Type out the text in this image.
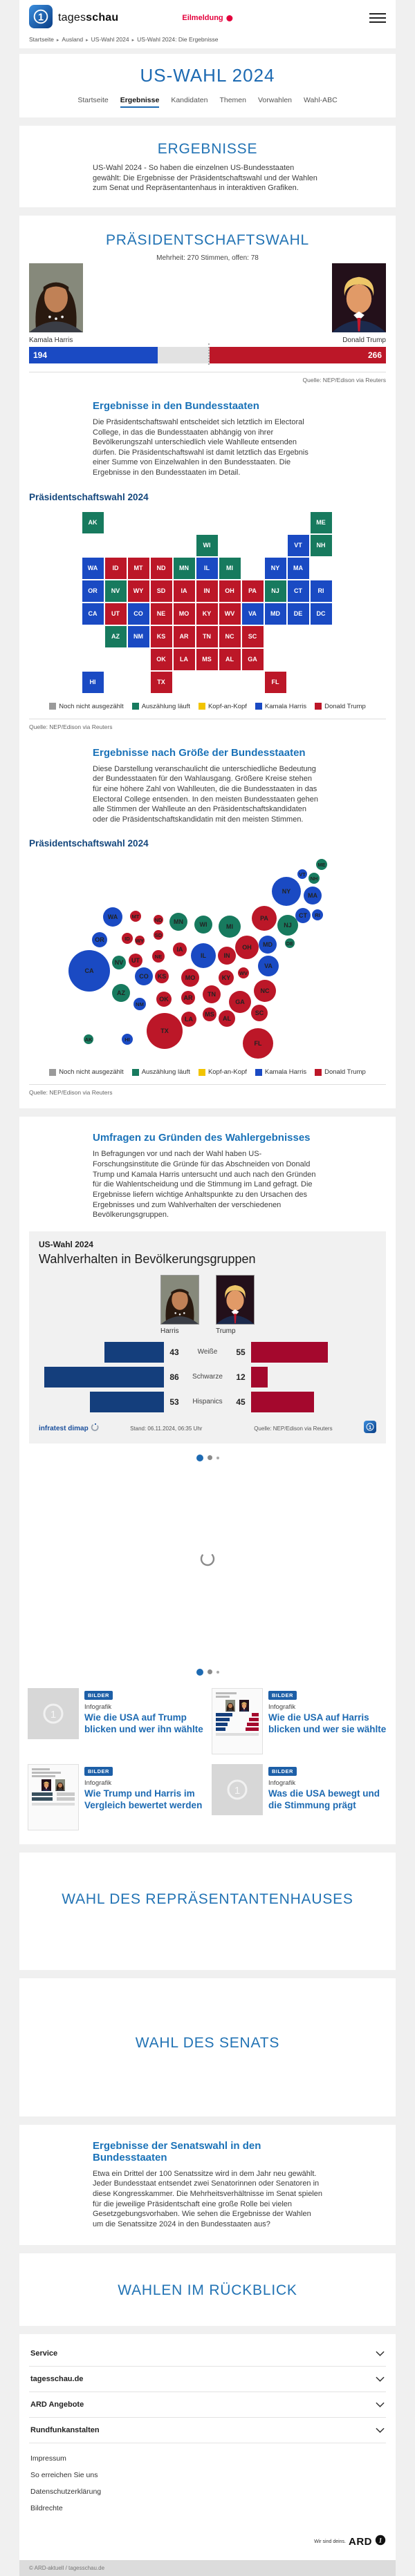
1 tagesschau	Eilmeldung
Startseite ▸ Ausland ▸ US-Wahl 2024 ▸ US-Wahl 2024: Die Ergebnisse
US-WAHL 2024
Startseite Ergebnisse Kandidaten Themen Vorwahlen Wahl-ABC
ERGEBNISSE

US-Wahl 2024 - So haben die einzelnen US-Bundesstaaten gewählt: Die Ergebnisse der Präsidentschaftswahl und der Wahlen zum Senat und Repräsentantenhaus in interaktiven Grafiken.

PRÄSIDENTSCHAFTSWAHL
Mehrheit: 270 Stimmen, offen: 78
Kamala Harris	Donald Trump
194	266
Quelle: NEP/Edison via Reuters
Ergebnisse in den Bundesstaaten

Die Präsidentschaftswahl entscheidet sich letztlich im Electoral College, in das die Bundesstaaten abhängig von ihrer Bevölkerungszahl unterschiedlich viele Wahlleute entsenden dürfen. Die Präsidentschaftswahl ist damit letztlich das Ergebnis einer Summe von Einzelwahlen in den Bundesstaaten. Die Ergebnisse in den Bundesstaaten im Detail.

Präsidentschaftswahl 2024
AK	ME
WI	VT	NH
WA	ID	MT	ND	MN	IL	MI	NY	MA
OR	NV	WY	SD	IA	IN	OH	PA	NJ	CT	RI
CA	UT	CO	NE	MO	KY	WV	VA	MD	DE	DC
AZ	NM	KS	AR	TN	NC	SC
OK	LA	MS	AL	GA
HI	TX	FL
Noch nicht ausgezählt	Auszählung läuft	Kopf-an-Kopf	Kamala Harris	Donald Trump
Quelle: NEP/Edison via Reuters
Ergebnisse nach Größe der Bundesstaaten

Diese Darstellung veranschaulicht die unterschiedliche Bedeutung der Bundesstaaten für den Wahlausgang. Größere Kreise stehen für eine höhere Zahl von Wahlleuten, die die Bundesstaaten in das Electoral College entsenden. In den meisten Bundesstaaten gehen alle Stimmen der Wahlleute an den Präsidentschaftskandidaten oder die Präsidentschaftskandidatin mit den meisten Stimmen.

Präsidentschaftswahl 2024
ME
VT
NH
NY
MA
WA	MT
ND	MN	WI	MI
PA
NJ
CT	RI
OR	ID	WY
SD
IA
IL	IN
OH	MD	DE
CA
NV	UT
NE
CO	KS	MO	KY
WV
VA
NC
AZ
NM
OK	AR	TN
GA
SC
MS
AL
LA
TX
FL
AK	HI
Noch nicht ausgezählt	Auszählung läuft	Kopf-an-Kopf	Kamala Harris	Donald Trump
Quelle: NEP/Edison via Reuters
Umfragen zu Gründen des Wahlergebnisses

In Befragungen vor und nach der Wahl haben US-Forschungsinstitute die Gründe für das Abschneiden von Donald Trump und Kamala Harris untersucht und auch nach den Gründen für die Wahlentscheidung und die Stimmung im Land gefragt. Die Ergebnisse liefern wichtige Anhaltspunkte zu den Ursachen des Ergebnisses und zum Wahlverhalten der verschiedenen Bevölkerungsgruppen.

US-Wahl 2024
Wahlverhalten in Bevölkerungsgruppen
Harris	Trump
43	Weiße	55
86	Schwarze	12
53	Hispanics	45
infratest dimap	Stand: 06.11.2024, 06:35 Uhr	Quelle: NEP/Edison via Reuters	1
1
BILDER
Infografik
Wie die USA auf Trump blicken und wer ihn wählte
BILDER
Infografik
Wie die USA auf Harris blicken und wer sie wählte
BILDER
Infografik
Wie Trump und Harris im Vergleich bewertet werden
1
BILDER
Infografik
Was die USA bewegt und die Stimmung prägt
WAHL DES REPRÄSENTANTENHAUSES
WAHL DES SENATS
Ergebnisse der Senatswahl in den Bundesstaaten

Etwa ein Drittel der 100 Senatssitze wird in dem Jahr neu gewählt. Jeder Bundesstaat entsendet zwei Senatorinnen oder Senatoren in diese Kongresskammer. Die Mehrheitsverhältnisse im Senat spielen für die jeweilige Präsidentschaft eine große Rolle bei vielen Gesetzgebungsvorhaben. Wie sehen die Ergebnisse der Wahlen um die Senatssitze 2024 in den Bundesstaaten aus?

WAHLEN IM RÜCKBLICK
Service
tagesschau.de
ARD Angebote
Rundfunkanstalten
Impressum
So erreichen Sie uns
Datenschutzerklärung
Bildrechte
Wir sind deins. ARD 1
© ARD-aktuell / tagesschau.de
